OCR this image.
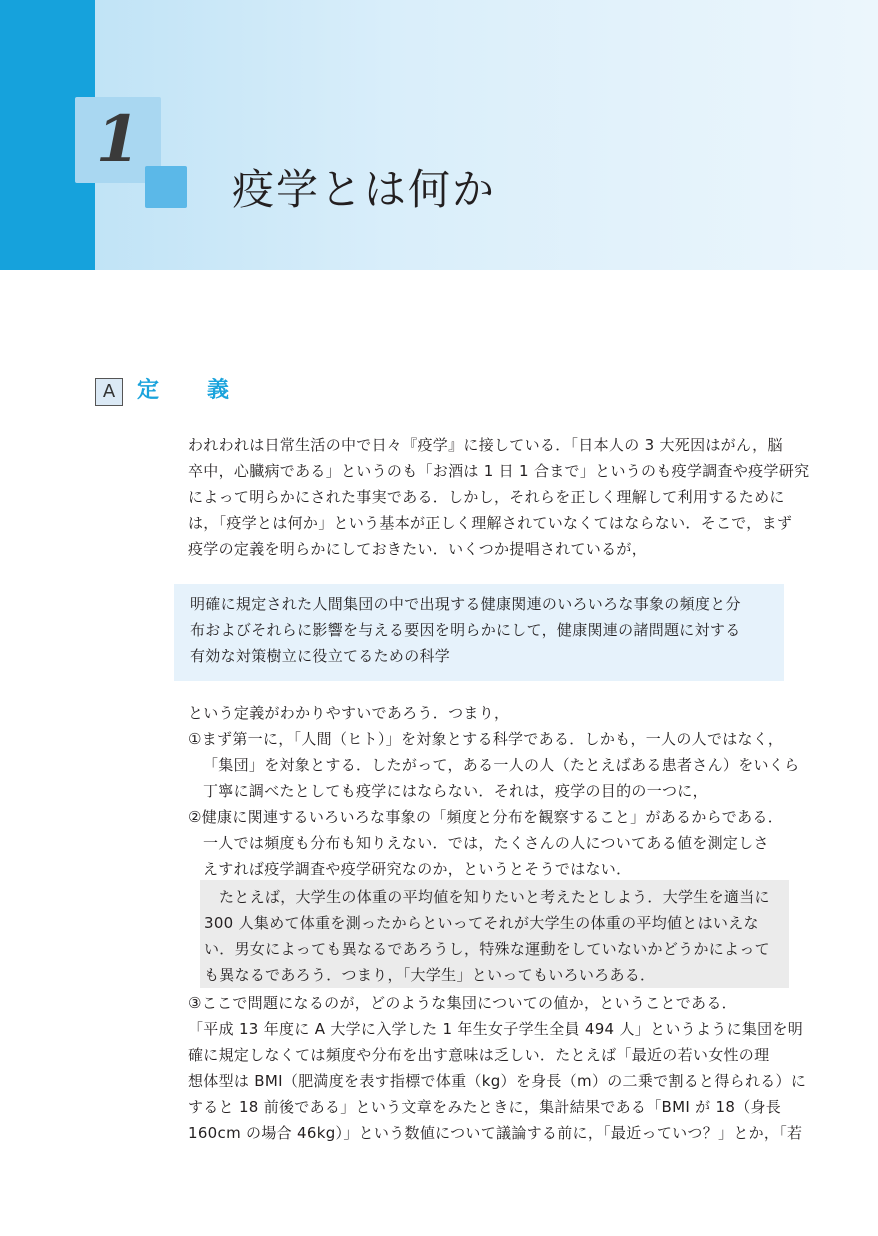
1
疫学とは何か
A 定義
われわれは日常生活の中で日々『疫学』に接している．「日本人の 3 大死因はがん，脳
卒中，心臓病である」というのも「お酒は 1 日 1 合まで」というのも疫学調査や疫学研究
によって明らかにされた事実である．しかし，それらを正しく理解して利用するために
は，「疫学とは何か」という基本が正しく理解されていなくてはならない．そこで，まず
疫学の定義を明らかにしておきたい．いくつか提唱されているが，
明確に規定された人間集団の中で出現する健康関連のいろいろな事象の頻度と分
布およびそれらに影響を与える要因を明らかにして，健康関連の諸問題に対する
有効な対策樹立に役立てるための科学
という定義がわかりやすいであろう．つまり，
①まず第一に，「人間（ヒト）」を対象とする科学である．しかも，一人の人ではなく，
「集団」を対象とする．したがって，ある一人の人（たとえばある患者さん）をいくら
丁寧に調べたとしても疫学にはならない．それは，疫学の目的の一つに，
②健康に関連するいろいろな事象の「頻度と分布を観察すること」があるからである．
一人では頻度も分布も知りえない．では，たくさんの人についてある値を測定しさ
えすれば疫学調査や疫学研究なのか，というとそうではない．
たとえば，大学生の体重の平均値を知りたいと考えたとしよう．大学生を適当に
300 人集めて体重を測ったからといってそれが大学生の体重の平均値とはいえな
い．男女によっても異なるであろうし，特殊な運動をしていないかどうかによって
も異なるであろう．つまり，「大学生」といってもいろいろある．
③ここで問題になるのが，どのような集団についての値か，ということである．
「平成 13 年度に A 大学に入学した 1 年生女子学生全員 494 人」というように集団を明
確に規定しなくては頻度や分布を出す意味は乏しい．たとえば「最近の若い女性の理
想体型は BMI（肥満度を表す指標で体重（kg）を身長（m）の二乗で割ると得られる）に
すると 18 前後である」という文章をみたときに，集計結果である「BMI が 18（身長
160cm の場合 46kg）」という数値について議論する前に，「最近っていつ？」とか，「若
